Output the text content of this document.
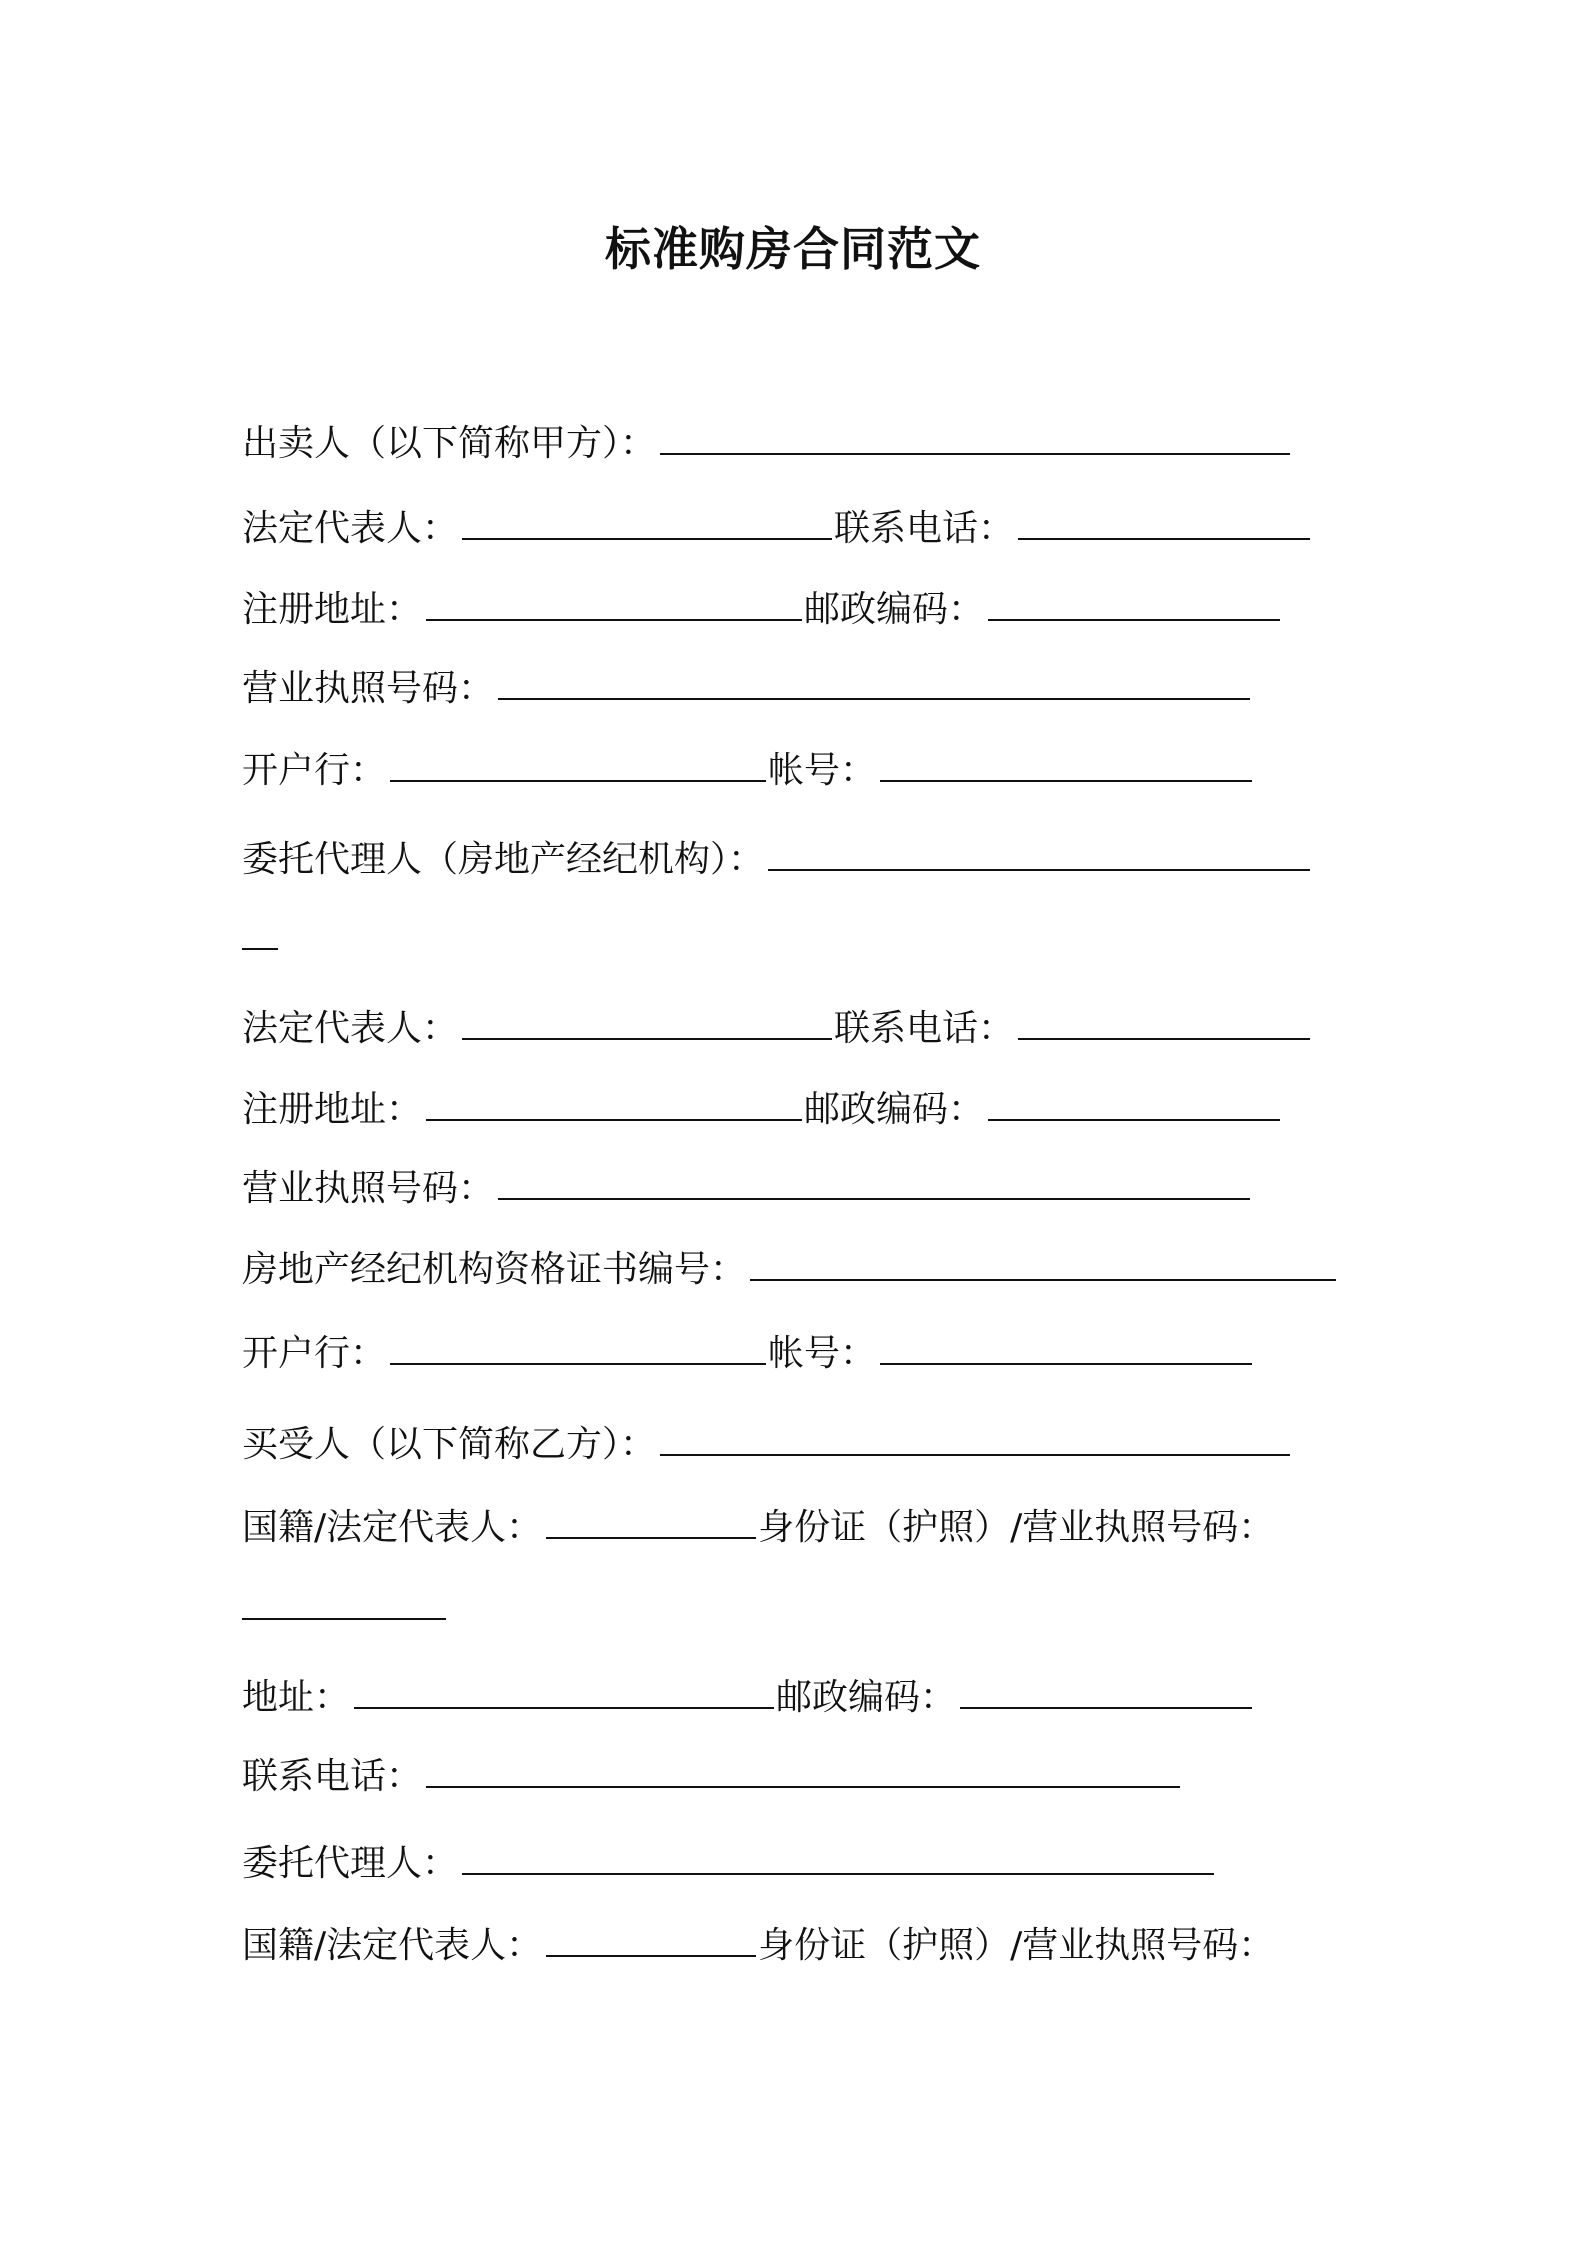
标准购房合同范文
出卖人（以下简称甲方）：
法定代表人：	联系电话：
注册地址：	邮政编码：
营业执照号码：
开户行：	帐号：
委托代理人（房地产经纪机构）：
法定代表人：	联系电话：
注册地址：	邮政编码：
营业执照号码：
房地产经纪机构资格证书编号：
开户行：	帐号：
买受人（以下简称乙方）：
国籍/法定代表人：	身份证（护照）/营业执照号码：
地址：	邮政编码：
联系电话：
委托代理人：
国籍/法定代表人：	身份证（护照）/营业执照号码：
